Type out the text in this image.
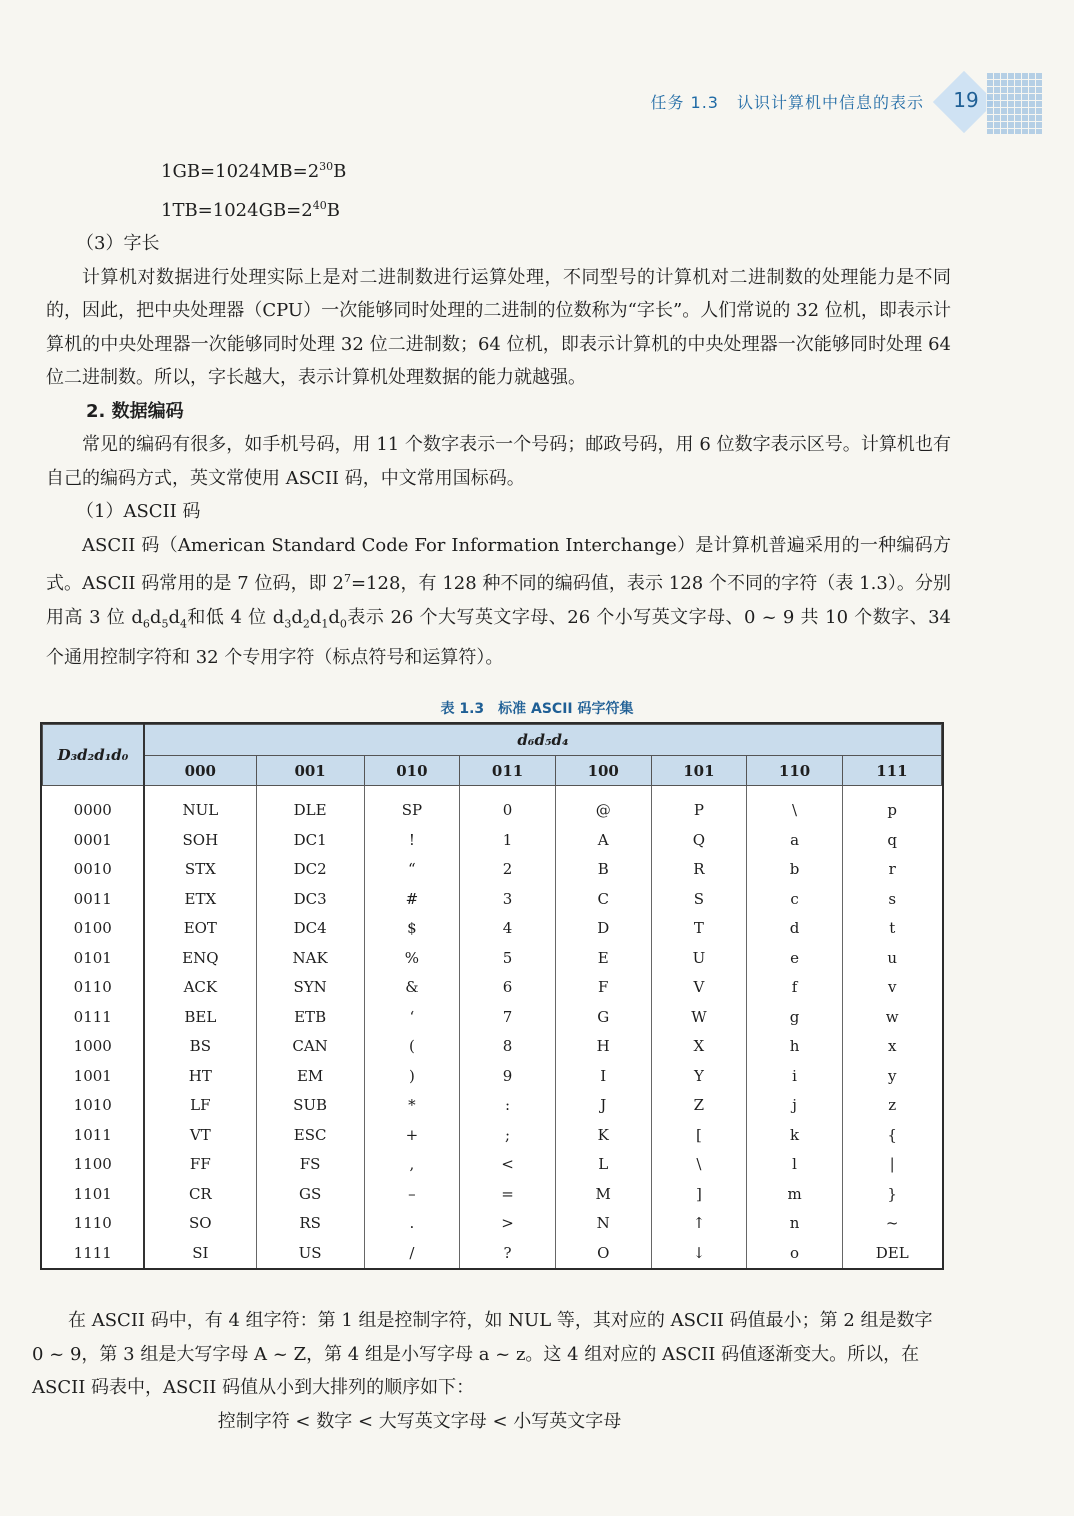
任务 1.3 认识计算机中信息的表示	19

$1GB=1024MB=2^{30}B$

$1TB=1024GB=2^{40}B$

（3）字长

计算机对数据进行处理实际上是对二进制数进行运算处理，不同型号的计算机对二进制数的处理能力是不同的，因此，把中央处理器（CPU）一次能够同时处理的二进制的位数称为“字长”。人们常说的 32 位机，即表示计算机的中央处理器一次能够同时处理 32 位二进制数；64 位机，即表示计算机的中央处理器一次能够同时处理 64 位二进制数。所以，字长越大，表示计算机处理数据的能力就越强。

2. 数据编码

常见的编码有很多，如手机号码，用 11 个数字表示一个号码；邮政号码，用 6 位数字表示区号。计算机也有自己的编码方式，英文常使用 ASCII 码，中文常用国标码。

（1）ASCII 码

ASCII 码（American Standard Code For Information Interchange）是计算机普遍采用的一种编码方式。ASCII 码常用的是 7 位码，即 $2^7=128$，有 128 种不同的编码值，表示 128 个不同的字符（表 1.3）。分别用高 3 位 $d_6d_5d_4$和低 4 位 $d_3d_2d_1d_0$表示 26 个大写英文字母、26 个小写英文字母、0 ~ 9 共 10 个数字、34 个通用控制字符和 32 个专用字符（标点符号和运算符）。

表 1.3　标准 ASCII 码字符集
D₃d₂d₁d₀	d₆d₅d₄							
	000	001	010	011	100	101	110	111
0000	NUL	DLE	SP	0	@	P	\	p
0001	SOH	DC1	!	1	A	Q	a	q
0010	STX	DC2	“	2	B	R	b	r
0011	ETX	DC3	#	3	C	S	c	s
0100	EOT	DC4	$	4	D	T	d	t
0101	ENQ	NAK	%	5	E	U	e	u
0110	ACK	SYN	&	6	F	V	f	v
0111	BEL	ETB	‘	7	G	W	g	w
1000	BS	CAN	(	8	H	X	h	x
1001	HT	EM	)	9	I	Y	i	y
1010	LF	SUB	*	:	J	Z	j	z
1011	VT	ESC	+	;	K	[	k	{
1100	FF	FS	,	<	L	\	l	|
1101	CR	GS	–	=	M	]	m	}
1110	SO	RS	.	>	N	↑	n	~
1111	SI	US	/	?	O	↓	o	DEL

在 ASCII 码中，有 4 组字符：第 1 组是控制字符，如 NUL 等，其对应的 ASCII 码值最小；第 2 组是数字 0 ~ 9，第 3 组是大写字母 A ~ Z，第 4 组是小写字母 a ~ z。这 4 组对应的 ASCII 码值逐渐变大。所以，在 ASCII 码表中，ASCII 码值从小到大排列的顺序如下：

控制字符 < 数字 < 大写英文字母 < 小写英文字母
